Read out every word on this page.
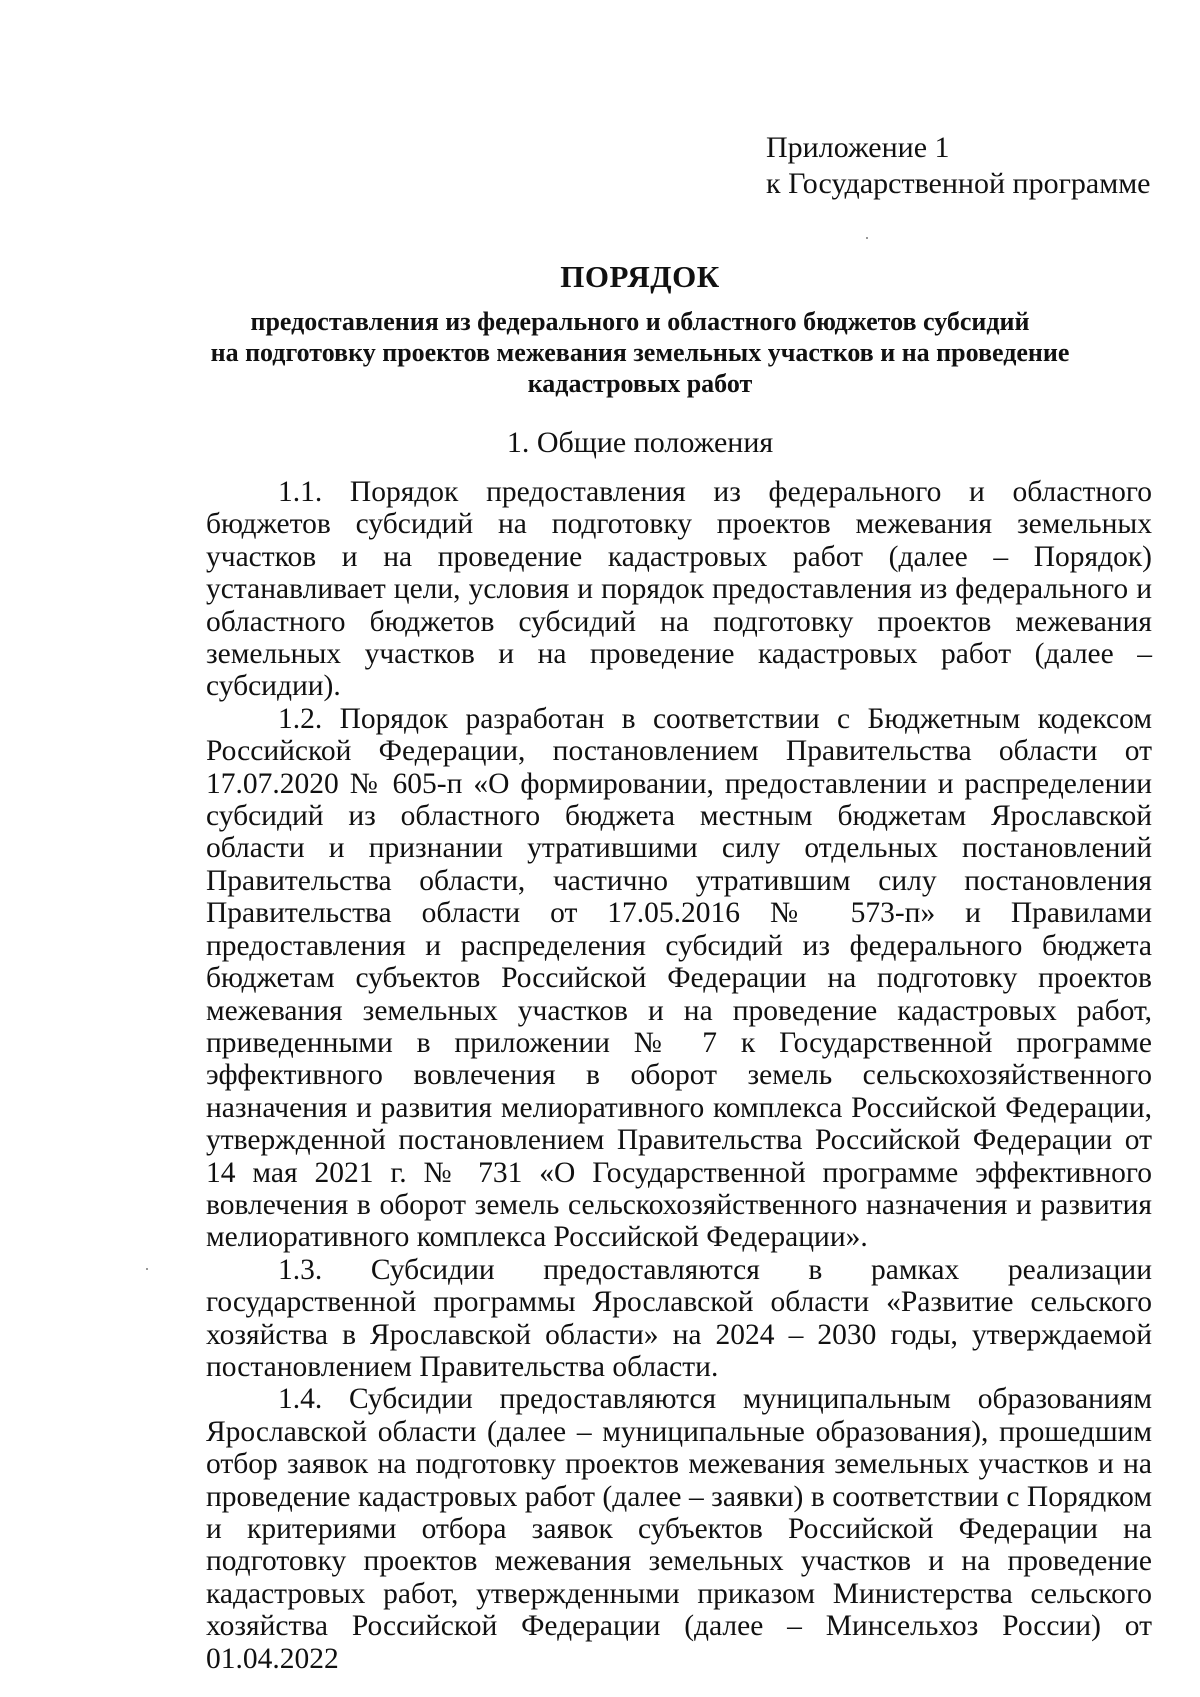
Приложение 1
к Государственной программе
ПОРЯДОК
предоставления из федерального и областного бюджетов субсидий
на подготовку проектов межевания земельных участков и на проведение
кадастровых работ
1. Общие положения

1.1. Порядок предоставления из федерального и областного бюджетов субсидий на подготовку проектов межевания земельных участков и на проведение кадастровых работ (далее – Порядок) устанавливает цели, условия и порядок предоставления из федерального и областного бюджетов субсидий на подготовку проектов межевания земельных участков и на проведение кадастровых работ (далее – субсидии).

1.2. Порядок разработан в соответствии с Бюджетным кодексом Российской Федерации, постановлением Правительства области от 17.07.2020 № 605-п «О формировании, предоставлении и распределении субсидий из областного бюджета местным бюджетам Ярославской области и признании утратившими силу отдельных постановлений Правительства области, частично утратившим силу постановления Правительства области от 17.05.2016 № 573-п» и Правилами предоставления и распределения субсидий из федерального бюджета бюджетам субъектов Российской Федерации на подготовку проектов межевания земельных участков и на проведение кадастровых работ, приведенными в приложении № 7 к Государственной программе эффективного вовлечения в оборот земель сельскохозяйственного назначения и развития мелиоративного комплекса Российской Федерации, утвержденной постановлением Правительства Российской Федерации от 14 мая 2021 г. № 731 «О Государственной программе эффективного вовлечения в оборот земель сельскохозяйственного назначения и развития мелиоративного комплекса Российской Федерации».

1.3. Субсидии предоставляются в рамках реализации государственной программы Ярославской области «Развитие сельского хозяйства в Ярославской области» на 2024 – 2030 годы, утверждаемой постановлением Правительства области.

1.4. Субсидии предоставляются муниципальным образованиям Ярославской области (далее – муниципальные образования), прошедшим отбор заявок на подготовку проектов межевания земельных участков и на проведение кадастровых работ (далее – заявки) в соответствии с Порядком и критериями отбора заявок субъектов Российской Федерации на подготовку проектов межевания земельных участков и на проведение кадастровых работ, утвержденными приказом Министерства сельского хозяйства Российской Федерации (далее – Минсельхоз России) от 01.04.2022
